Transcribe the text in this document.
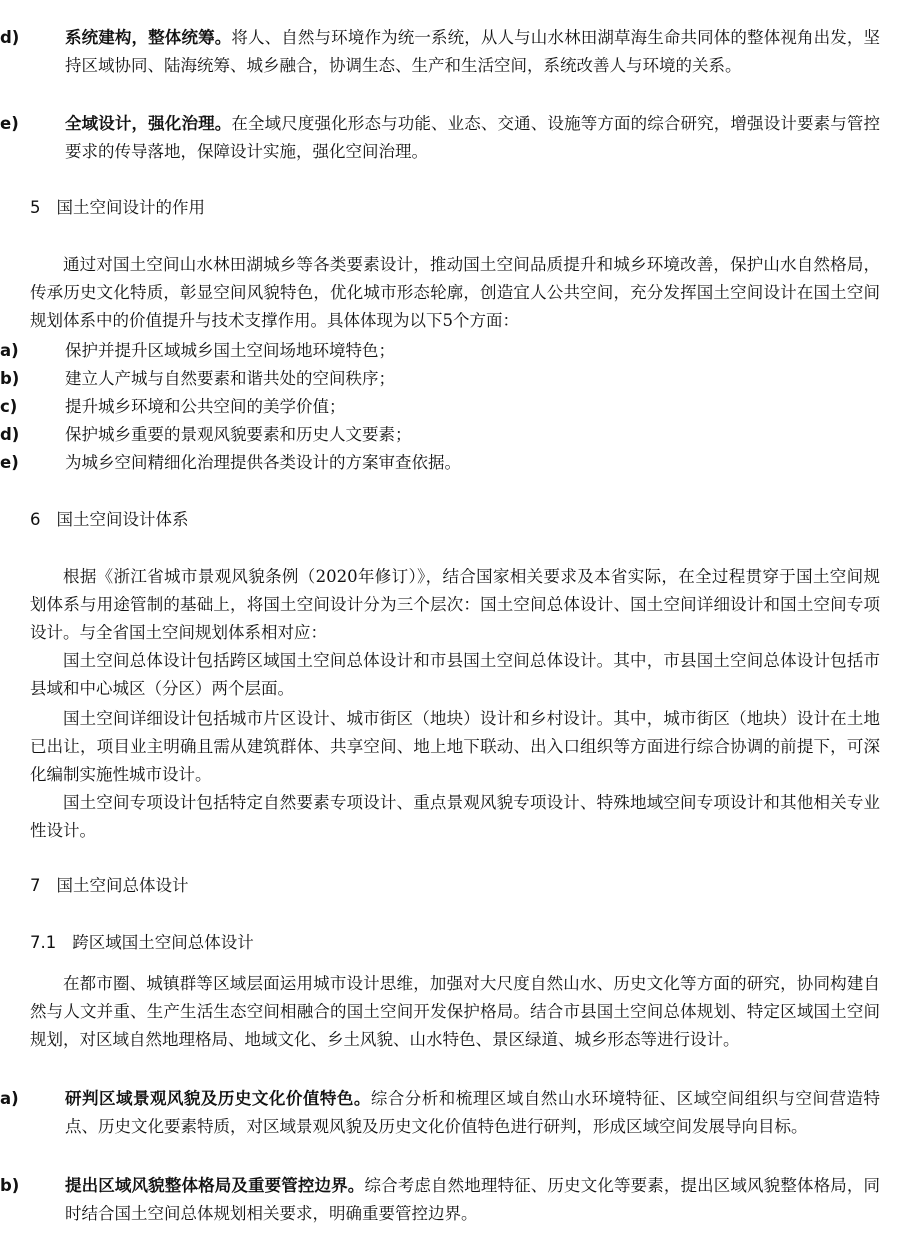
d)	系统建构，整体统筹。将人、自然与环境作为统一系统，从人与山水林田湖草海生命共同体的整体视角出发，坚持区域协同、陆海统筹、城乡融合，协调生态、生产和生活空间，系统改善人与环境的关系。
e)	全域设计，强化治理。在全域尺度强化形态与功能、业态、交通、设施等方面的综合研究，增强设计要素与管控要求的传导落地，保障设计实施，强化空间治理。
5 国土空间设计的作用
通过对国土空间山水林田湖城乡等各类要素设计，推动国土空间品质提升和城乡环境改善，保护山水自然格局，传承历史文化特质，彰显空间风貌特色，优化城市形态轮廓，创造宜人公共空间，充分发挥国土空间设计在国土空间规划体系中的价值提升与技术支撑作用。具体体现为以下5个方面：
a)	保护并提升区域城乡国土空间场地环境特色；
b)	建立人产城与自然要素和谐共处的空间秩序；
c)	提升城乡环境和公共空间的美学价值；
d)	保护城乡重要的景观风貌要素和历史人文要素；
e)	为城乡空间精细化治理提供各类设计的方案审查依据。
6 国土空间设计体系
根据《浙江省城市景观风貌条例（2020年修订）》，结合国家相关要求及本省实际，在全过程贯穿于国土空间规划体系与用途管制的基础上，将国土空间设计分为三个层次：国土空间总体设计、国土空间详细设计和国土空间专项设计。与全省国土空间规划体系相对应：
国土空间总体设计包括跨区域国土空间总体设计和市县国土空间总体设计。其中，市县国土空间总体设计包括市县域和中心城区（分区）两个层面。
国土空间详细设计包括城市片区设计、城市街区（地块）设计和乡村设计。其中，城市街区（地块）设计在土地已出让，项目业主明确且需从建筑群体、共享空间、地上地下联动、出入口组织等方面进行综合协调的前提下，可深化编制实施性城市设计。
国土空间专项设计包括特定自然要素专项设计、重点景观风貌专项设计、特殊地域空间专项设计和其他相关专业性设计。
7 国土空间总体设计
7.1 跨区域国土空间总体设计
在都市圈、城镇群等区域层面运用城市设计思维，加强对大尺度自然山水、历史文化等方面的研究，协同构建自然与人文并重、生产生活生态空间相融合的国土空间开发保护格局。结合市县国土空间总体规划、特定区域国土空间规划，对区域自然地理格局、地域文化、乡土风貌、山水特色、景区绿道、城乡形态等进行设计。
a)	研判区域景观风貌及历史文化价值特色。综合分析和梳理区域自然山水环境特征、区域空间组织与空间营造特点、历史文化要素特质，对区域景观风貌及历史文化价值特色进行研判，形成区域空间发展导向目标。
b)	提出区域风貌整体格局及重要管控边界。综合考虑自然地理特征、历史文化等要素，提出区域风貌整体格局，同时结合国土空间总体规划相关要求，明确重要管控边界。
